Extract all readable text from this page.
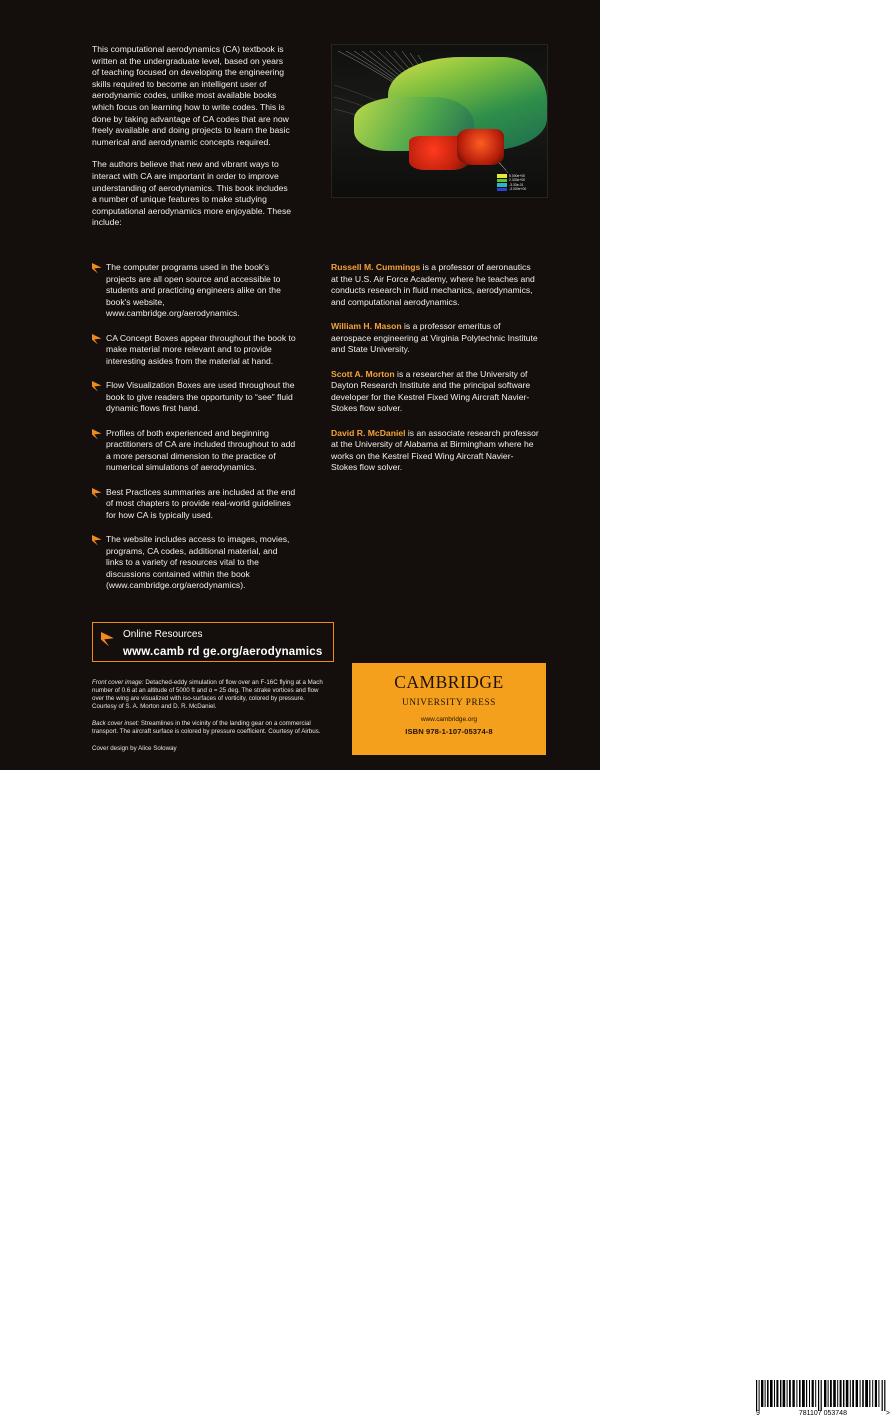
This computational aerodynamics (CA) textbook is written at the undergraduate level, based on years of teaching focused on developing the engineering skills required to become an intelligent user of aerodynamic codes, unlike most available books which focus on learning how to write codes. This is done by taking advantage of CA codes that are now freely available and doing projects to learn the basic numerical and aerodynamic concepts required.

The authors believe that new and vibrant ways to interact with CA are important in order to improve understanding of aerodynamics. This book includes a number of unique features to make studying computational aerodynamics more enjoyable. These include:

The computer programs used in the book's projects are all open source and accessible to students and practicing engineers alike on the book's website, www.cambridge.org/aerodynamics.

CA Concept Boxes appear throughout the book to make material more relevant and to provide interesting asides from the material at hand.

Flow Visualization Boxes are used throughout the book to give readers the opportunity to “see” fluid dynamic flows first hand.

Profiles of both experienced and beginning practitioners of CA are included throughout to add a more personal dimension to the practice of numerical simulations of aerodynamics.

Best Practices summaries are included at the end of most chapters to provide real-world guidelines for how CA is typically used.

The website includes access to images, movies, programs, CA codes, additional material, and links to a variety of resources vital to the discussions contained within the book (www.cambridge.org/aerodynamics).

5.000e+00
2.333e+00
-3.33e-01
-3.000e+00

Russell M. Cummings is a professor of aeronautics at the U.S. Air Force Academy, where he teaches and conducts research in fluid mechanics, aerodynamics, and computational aerodynamics.

William H. Mason is a professor emeritus of aerospace engineering at Virginia Polytechnic Institute and State University.

Scott A. Morton is a researcher at the University of Dayton Research Institute and the principal software developer for the Kestrel Fixed Wing Aircraft Navier-Stokes flow solver.

David R. McDaniel is an associate research professor at the University of Alabama at Birmingham where he works on the Kestrel Fixed Wing Aircraft Navier-Stokes flow solver.

Online Resources
www.camb rd ge.org/aerodynamics

Front cover image: Detached-eddy simulation of flow over an F-16C flying at a Mach number of 0.6 at an altitude of 5000 ft and α = 25 deg. The strake vortices and flow over the wing are visualized with iso-surfaces of vorticity, colored by pressure. Courtesy of S. A. Morton and D. R. McDaniel.

Back cover inset: Streamlines in the vicinity of the landing gear on a commercial transport. The aircraft surface is colored by pressure coefficient. Courtesy of Airbus.

Cover design by Alice Soloway

CAMBRIDGE
UNIVERSITY PRESS
www.cambridge.org
ISBN 978-1-107-05374-8
9	781107 053748	>
